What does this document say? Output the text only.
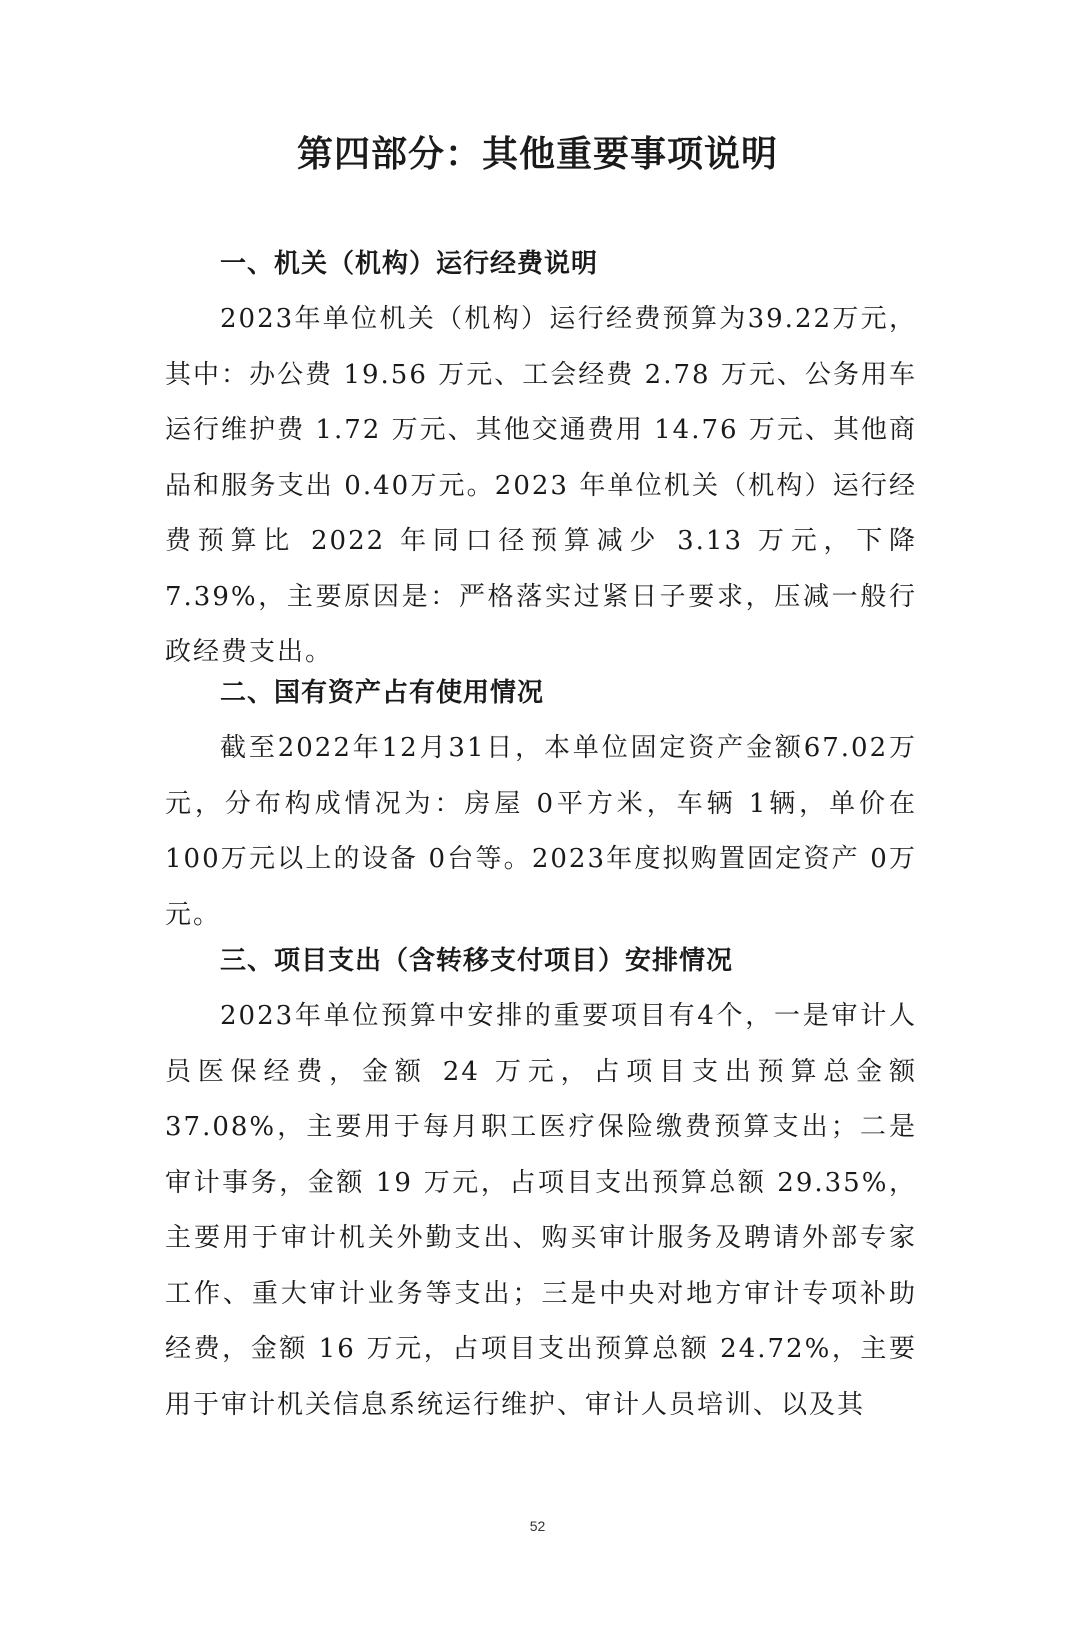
第四部分：其他重要事项说明
一、机关（机构）运行经费说明

2023年单位机关（机构）运行经费预算为39.22万元，其中：办公费 19.56 万元、工会经费 2.78 万元、公务用车运行维护费 1.72 万元、其他交通费用 14.76 万元、其他商品和服务支出 0.40万元。2023 年单位机关（机构）运行经费预算比 2022 年同口径预算减少 3.13 万元，下降 7.39%，主要原因是：严格落实过紧日子要求，压减一般行政经费支出。

二、国有资产占有使用情况

截至2022年12月31日，本单位固定资产金额67.02万元，分布构成情况为：房屋 0平方米，车辆 1辆，单价在100万元以上的设备 0台等。2023年度拟购置固定资产 0万元。

三、项目支出（含转移支付项目）安排情况

2023年单位预算中安排的重要项目有4个，一是审计人员医保经费，金额 24 万元，占项目支出预算总金额37.08%，主要用于每月职工医疗保险缴费预算支出；二是审计事务，金额 19 万元，占项目支出预算总额 29.35%，主要用于审计机关外勤支出、购买审计服务及聘请外部专家工作、重大审计业务等支出；三是中央对地方审计专项补助经费，金额 16 万元，占项目支出预算总额 24.72%，主要用于审计机关信息系统运行维护、审计人员培训、以及其

52
